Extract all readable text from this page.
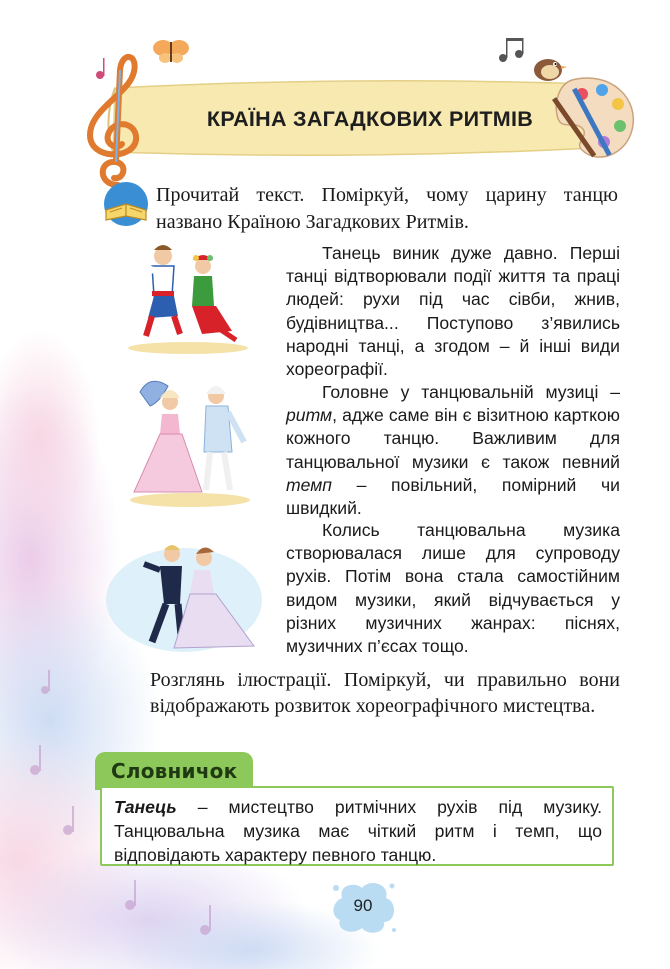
КРАЇНА ЗАГАДКОВИХ РИТМІВ
Прочитай текст. Поміркуй, чому царину танцю названо Країною Загадкових Ритмів.
Танець виник дуже давно. Перші танці відтворювали події життя та праці людей: рухи під час сівби, жнив, будівництва... Поступово з’явились народні танці, а згодом – й інші види хореографії.
Головне у танцювальній музиці – ритм, адже саме він є візитною карткою кожного танцю. Важливим для танцювальної музики є також певний темп – повільний, помірний чи швидкий.
Колись танцювальна музика створювалася лише для супроводу рухів. Потім вона стала самостійним видом музики, який відчувається у різних музичних жанрах: піснях, музичних п’єсах тощо.
Розглянь ілюстрації. Поміркуй, чи правильно вони відображають розвиток хореографічного мистецтва.
Словничок
Танець – мистецтво ритмічних рухів під музику. Танцювальна музика має чіткий ритм і темп, що відповідають характеру певного танцю.
90
